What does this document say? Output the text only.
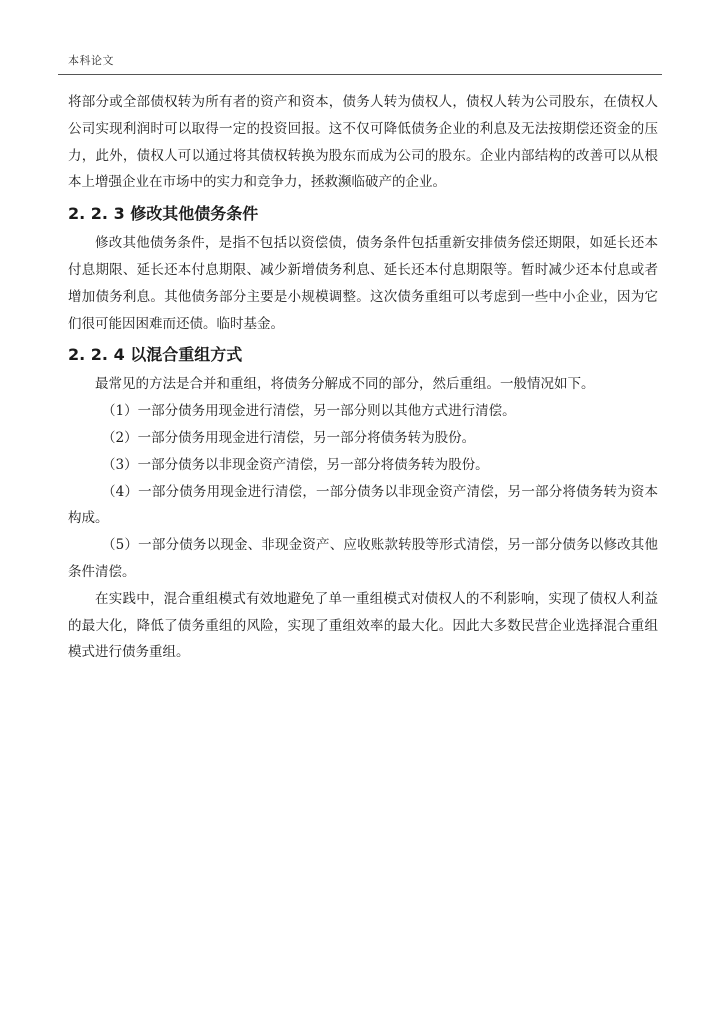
本科论文

将部分或全部债权转为所有者的资产和资本，债务人转为债权人，债权人转为公司股东，在债权人公司实现利润时可以取得一定的投资回报。这不仅可降低债务企业的利息及无法按期偿还资金的压力，此外，债权人可以通过将其债权转换为股东而成为公司的股东。企业内部结构的改善可以从根本上增强企业在市场中的实力和竞争力，拯救濒临破产的企业。

2. 2. 3 修改其他债务条件

修改其他债务条件，是指不包括以资偿债，债务条件包括重新安排债务偿还期限，如延长还本付息期限、延长还本付息期限、减少新增债务利息、延长还本付息期限等。暂时减少还本付息或者增加债务利息。其他债务部分主要是小规模调整。这次债务重组可以考虑到一些中小企业，因为它们很可能因困难而还债。临时基金。

2. 2. 4 以混合重组方式

最常见的方法是合并和重组，将债务分解成不同的部分，然后重组。一般情况如下。

（1）一部分债务用现金进行清偿，另一部分则以其他方式进行清偿。

（2）一部分债务用现金进行清偿，另一部分将债务转为股份。

（3）一部分债务以非现金资产清偿，另一部分将债务转为股份。

（4）一部分债务用现金进行清偿，一部分债务以非现金资产清偿，另一部分将债务转为资本构成。

（5）一部分债务以现金、非现金资产、应收账款转股等形式清偿，另一部分债务以修改其他条件清偿。

在实践中，混合重组模式有效地避免了单一重组模式对债权人的不利影响，实现了债权人利益的最大化，降低了债务重组的风险，实现了重组效率的最大化。因此大多数民营企业选择混合重组模式进行债务重组。
